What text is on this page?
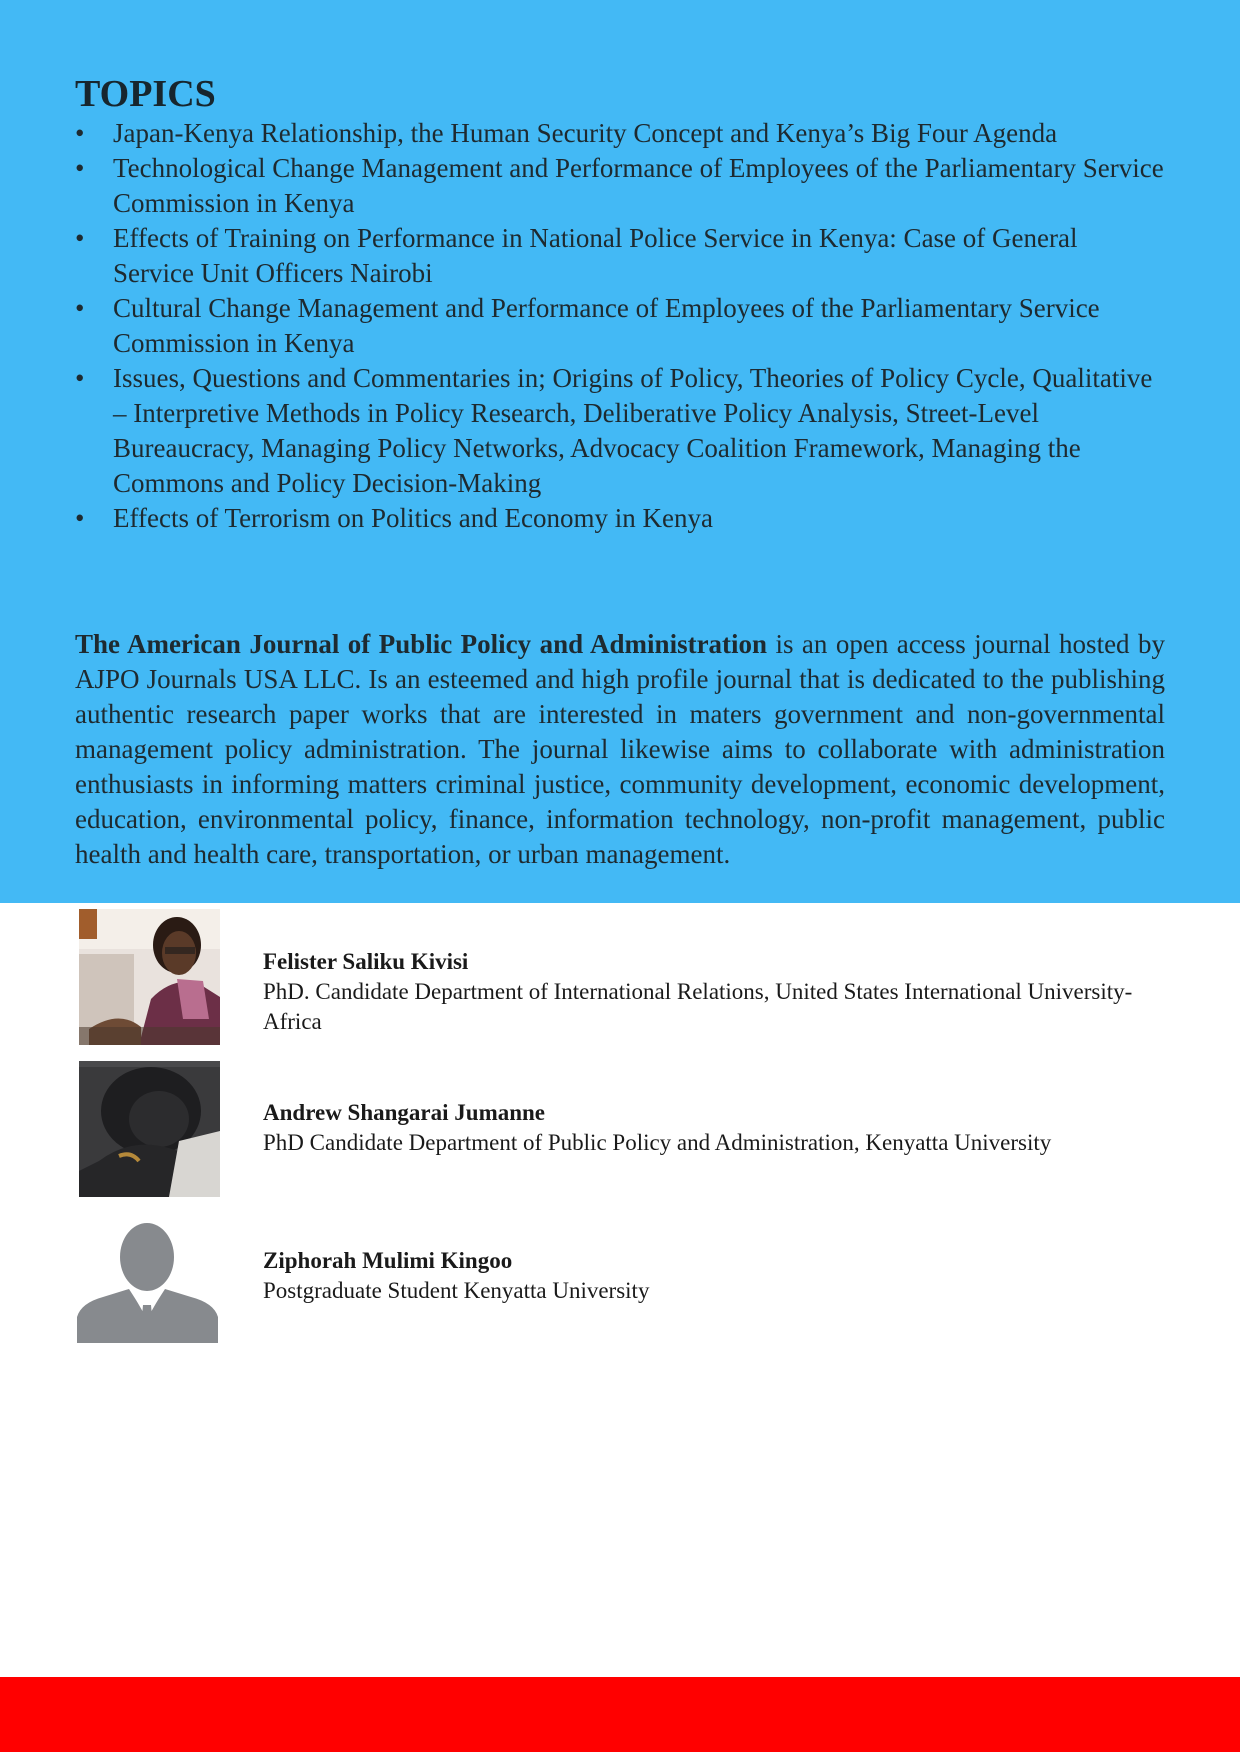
TOPICS
• Japan-Kenya Relationship, the Human Security Concept and Kenya’s Big Four Agenda
• Technological Change Management and Performance of Employees of the Parliamentary Service Commission in Kenya
• Effects of Training on Performance in National Police Service in Kenya: Case of General Service Unit Officers Nairobi
• Cultural Change Management and Performance of Employees of the Parliamentary Service Commission in Kenya
• Issues, Questions and Commentaries in; Origins of Policy, Theories of Policy Cycle, Qualitative – Interpretive Methods in Policy Research, Deliberative Policy Analysis, Street-Level Bureaucracy, Managing Policy Networks, Advocacy Coalition Framework, Managing the Commons and Policy Decision-Making
• Effects of Terrorism on Politics and Economy in Kenya

The American Journal of Public Policy and Administration is an open access journal hosted by AJPO Journals USA LLC. Is an esteemed and high profile journal that is dedicated to the publishing authentic research paper works that are interested in maters government and non-governmental management policy administration. The journal likewise aims to collaborate with administration enthusiasts in informing matters criminal justice, community development, economic development, education, environmental policy, finance, information technology, non-profit management, public health and health care, transportation, or urban management.

Felister Saliku Kivisi

PhD. Candidate Department of International Relations, United States International University-Africa

Andrew Shangarai Jumanne

PhD Candidate Department of Public Policy and Administration, Kenyatta University

Ziphorah Mulimi Kingoo

Postgraduate Student Kenyatta University
